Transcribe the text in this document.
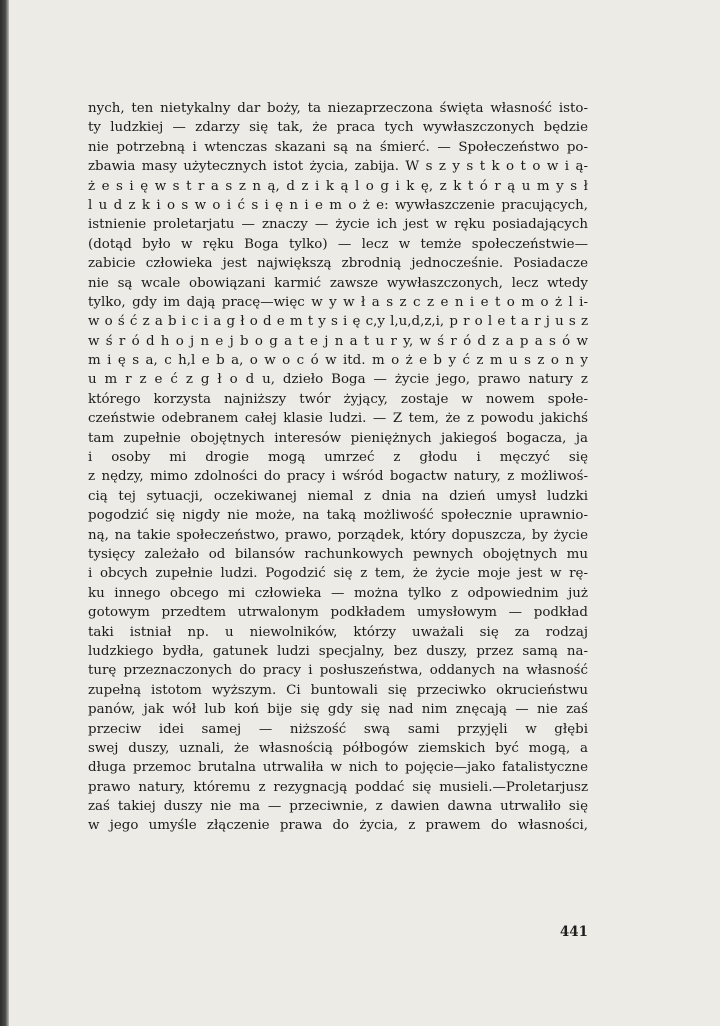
nych, ten nietykalny dar boży, ta niezaprzeczona święta własność isto-
ty ludzkiej — zdarzy się tak, że praca tych wywłaszczonych będzie
nie potrzebną i wtenczas skazani są na śmierć. — Społeczeństwo po-
zbawia masy użytecznych istot życia, zabija. W s z y s t k o t o w i ą-
ż e s i ę w s t r a s z n ą, d z i k ą l o g i k ę, z k t ó r ą u m y s ł
l u d z k i o s w o i ć s i ę n i e m o ż e: wywłaszczenie pracujących,
istnienie proletarjatu — znaczy — życie ich jest w ręku posiadających
(dotąd było w ręku Boga tylko) — lecz w temże społeczeństwie—
zabicie człowieka jest największą zbrodnią jednocześnie. Posiadacze
nie są wcale obowiązani karmić zawsze wywłaszczonych, lecz wtedy
tylko, gdy im dają pracę—więc w y w ł a s z c z e n i e t o m o ż l i-
w o ś ć z a b i c i a g ł o d e m t y s i ę c,y l,u,d,z,i, p r o l e t a r j u s z
w ś r ó d h o j n e j b o g a t e j n a t u r y, w ś r ó d z a p a s ó w
m i ę s a, c h,l e b a, o w o c ó w itd. m o ż e b y ć z m u s z o n y
u m r z e ć z g ł o d u, dzieło Boga — życie jego, prawo natury z
którego korzysta najniższy twór żyjący, zostaje w nowem społe-
czeństwie odebranem całej klasie ludzi. — Z tem, że z powodu jakichś
tam zupełnie obojętnych interesów pieniężnych jakiegoś bogacza, ja
i osoby mi drogie mogą umrzeć z głodu i męczyć się
z nędzy, mimo zdolności do pracy i wśród bogactw natury, z możliwoś-
cią tej sytuacji, oczekiwanej niemal z dnia na dzień umysł ludzki
pogodzić się nigdy nie może, na taką możliwość społecznie uprawnio-
ną, na takie społeczeństwo, prawo, porządek, który dopuszcza, by życie
tysięcy zależało od bilansów rachunkowych pewnych obojętnych mu
i obcych zupełnie ludzi. Pogodzić się z tem, że życie moje jest w rę-
ku innego obcego mi człowieka — można tylko z odpowiednim już
gotowym przedtem utrwalonym podkładem umysłowym — podkład
taki istniał np. u niewolników, którzy uważali się za rodzaj
ludzkiego bydła, gatunek ludzi specjalny, bez duszy, przez samą na-
turę przeznaczonych do pracy i posłuszeństwa, oddanych na własność
zupełną istotom wyższym. Ci buntowali się przeciwko okrucieństwu
panów, jak wół lub koń bije się gdy się nad nim znęcają — nie zaś
przeciw idei samej — niższość swą sami przyjęli w głębi
swej duszy, uznali, że własnością półbogów ziemskich być mogą, a
długa przemoc brutalna utrwaliła w nich to pojęcie—jako fatalistyczne
prawo natury, któremu z rezygnacją poddać się musieli.—Proletarjusz
zaś takiej duszy nie ma — przeciwnie, z dawien dawna utrwaliło się
w jego umyśle złączenie prawa do życia, z prawem do własności,

441
